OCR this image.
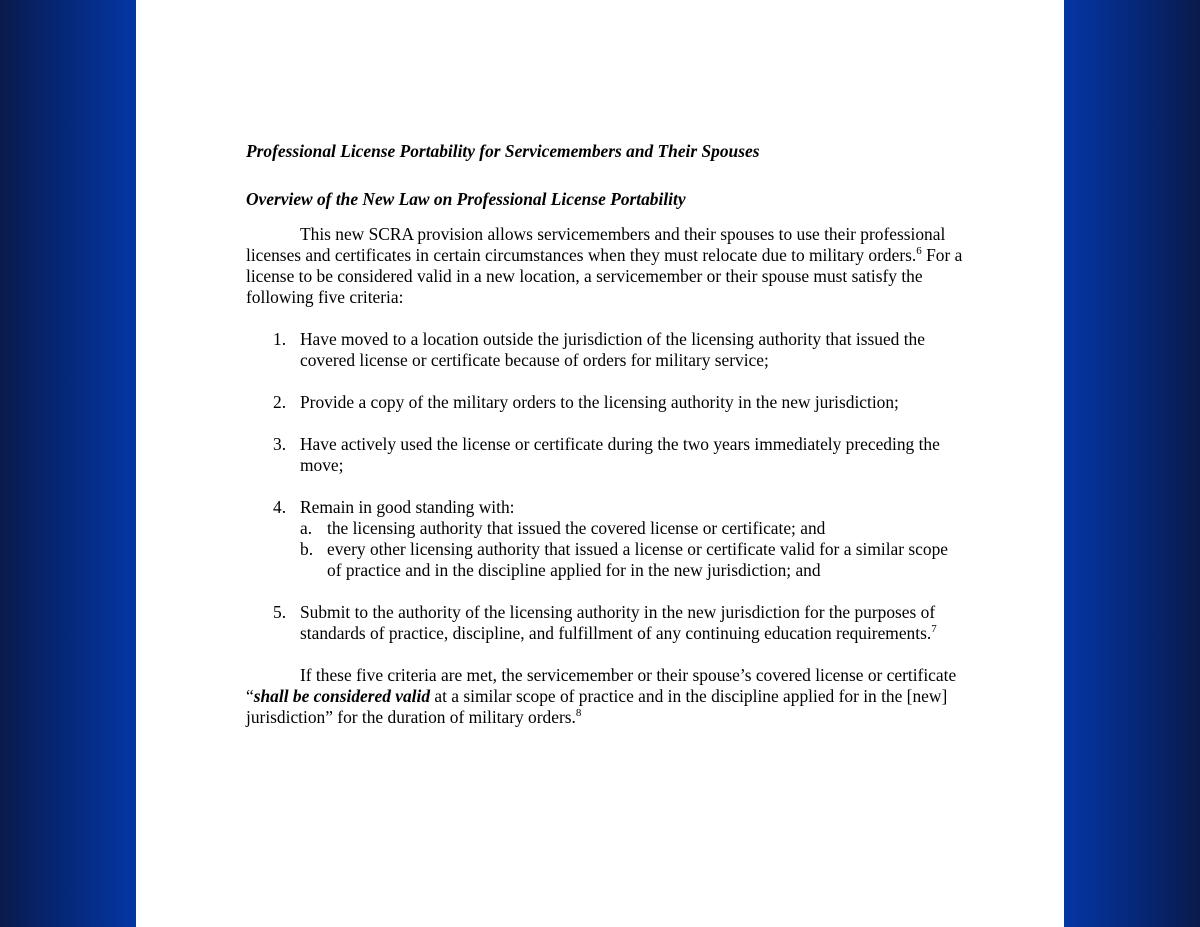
Professional License Portability for Servicemembers and Their Spouses

Overview of the New Law on Professional License Portability

This new SCRA provision allows servicemembers and their spouses to use their professional licenses and certificates in certain circumstances when they must relocate due to military orders.$^6$ For a license to be considered valid in a new location, a servicemember or their spouse must satisfy the following five criteria:

1. Have moved to a location outside the jurisdiction of the licensing authority that issued the covered license or certificate because of orders for military service;
2. Provide a copy of the military orders to the licensing authority in the new jurisdiction;
3. Have actively used the license or certificate during the two years immediately preceding the move;
4. Remain in good standing with:
a. the licensing authority that issued the covered license or certificate; and
b. every other licensing authority that issued a license or certificate valid for a similar scope of practice and in the discipline applied for in the new jurisdiction; and
5. Submit to the authority of the licensing authority in the new jurisdiction for the purposes of standards of practice, discipline, and fulfillment of any continuing education requirements.$^7$

If these five criteria are met, the servicemember or their spouse’s covered license or certificate “shall be considered valid at a similar scope of practice and in the discipline applied for in the [new] jurisdiction” for the duration of military orders.$^8$
